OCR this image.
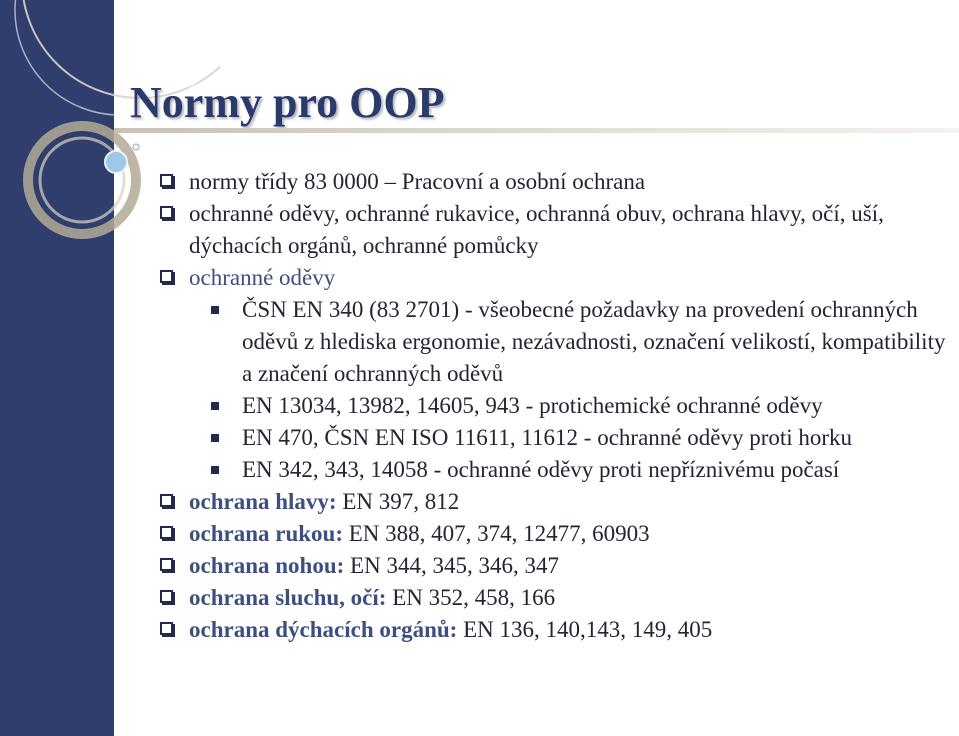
Normy pro OOP
normy třídy 83 0000 – Pracovní a osobní ochrana
ochranné oděvy, ochranné rukavice, ochranná obuv, ochrana hlavy, očí, uší, dýchacích orgánů, ochranné pomůcky
ochranné oděvy
ČSN EN 340 (83 2701) - všeobecné požadavky na provedení ochranných oděvů z hlediska ergonomie, nezávadnosti, označení velikostí, kompatibility a značení ochranných oděvů
EN 13034, 13982, 14605, 943 - protichemické ochranné oděvy
EN 470, ČSN EN ISO 11611, 11612 - ochranné oděvy proti horku
EN 342, 343, 14058 - ochranné oděvy proti nepříznivému počasí
ochrana hlavy: EN 397, 812
ochrana rukou: EN 388, 407, 374, 12477, 60903
ochrana nohou: EN 344, 345, 346, 347
ochrana sluchu, očí: EN 352, 458, 166
ochrana dýchacích orgánů: EN 136, 140,143, 149, 405
